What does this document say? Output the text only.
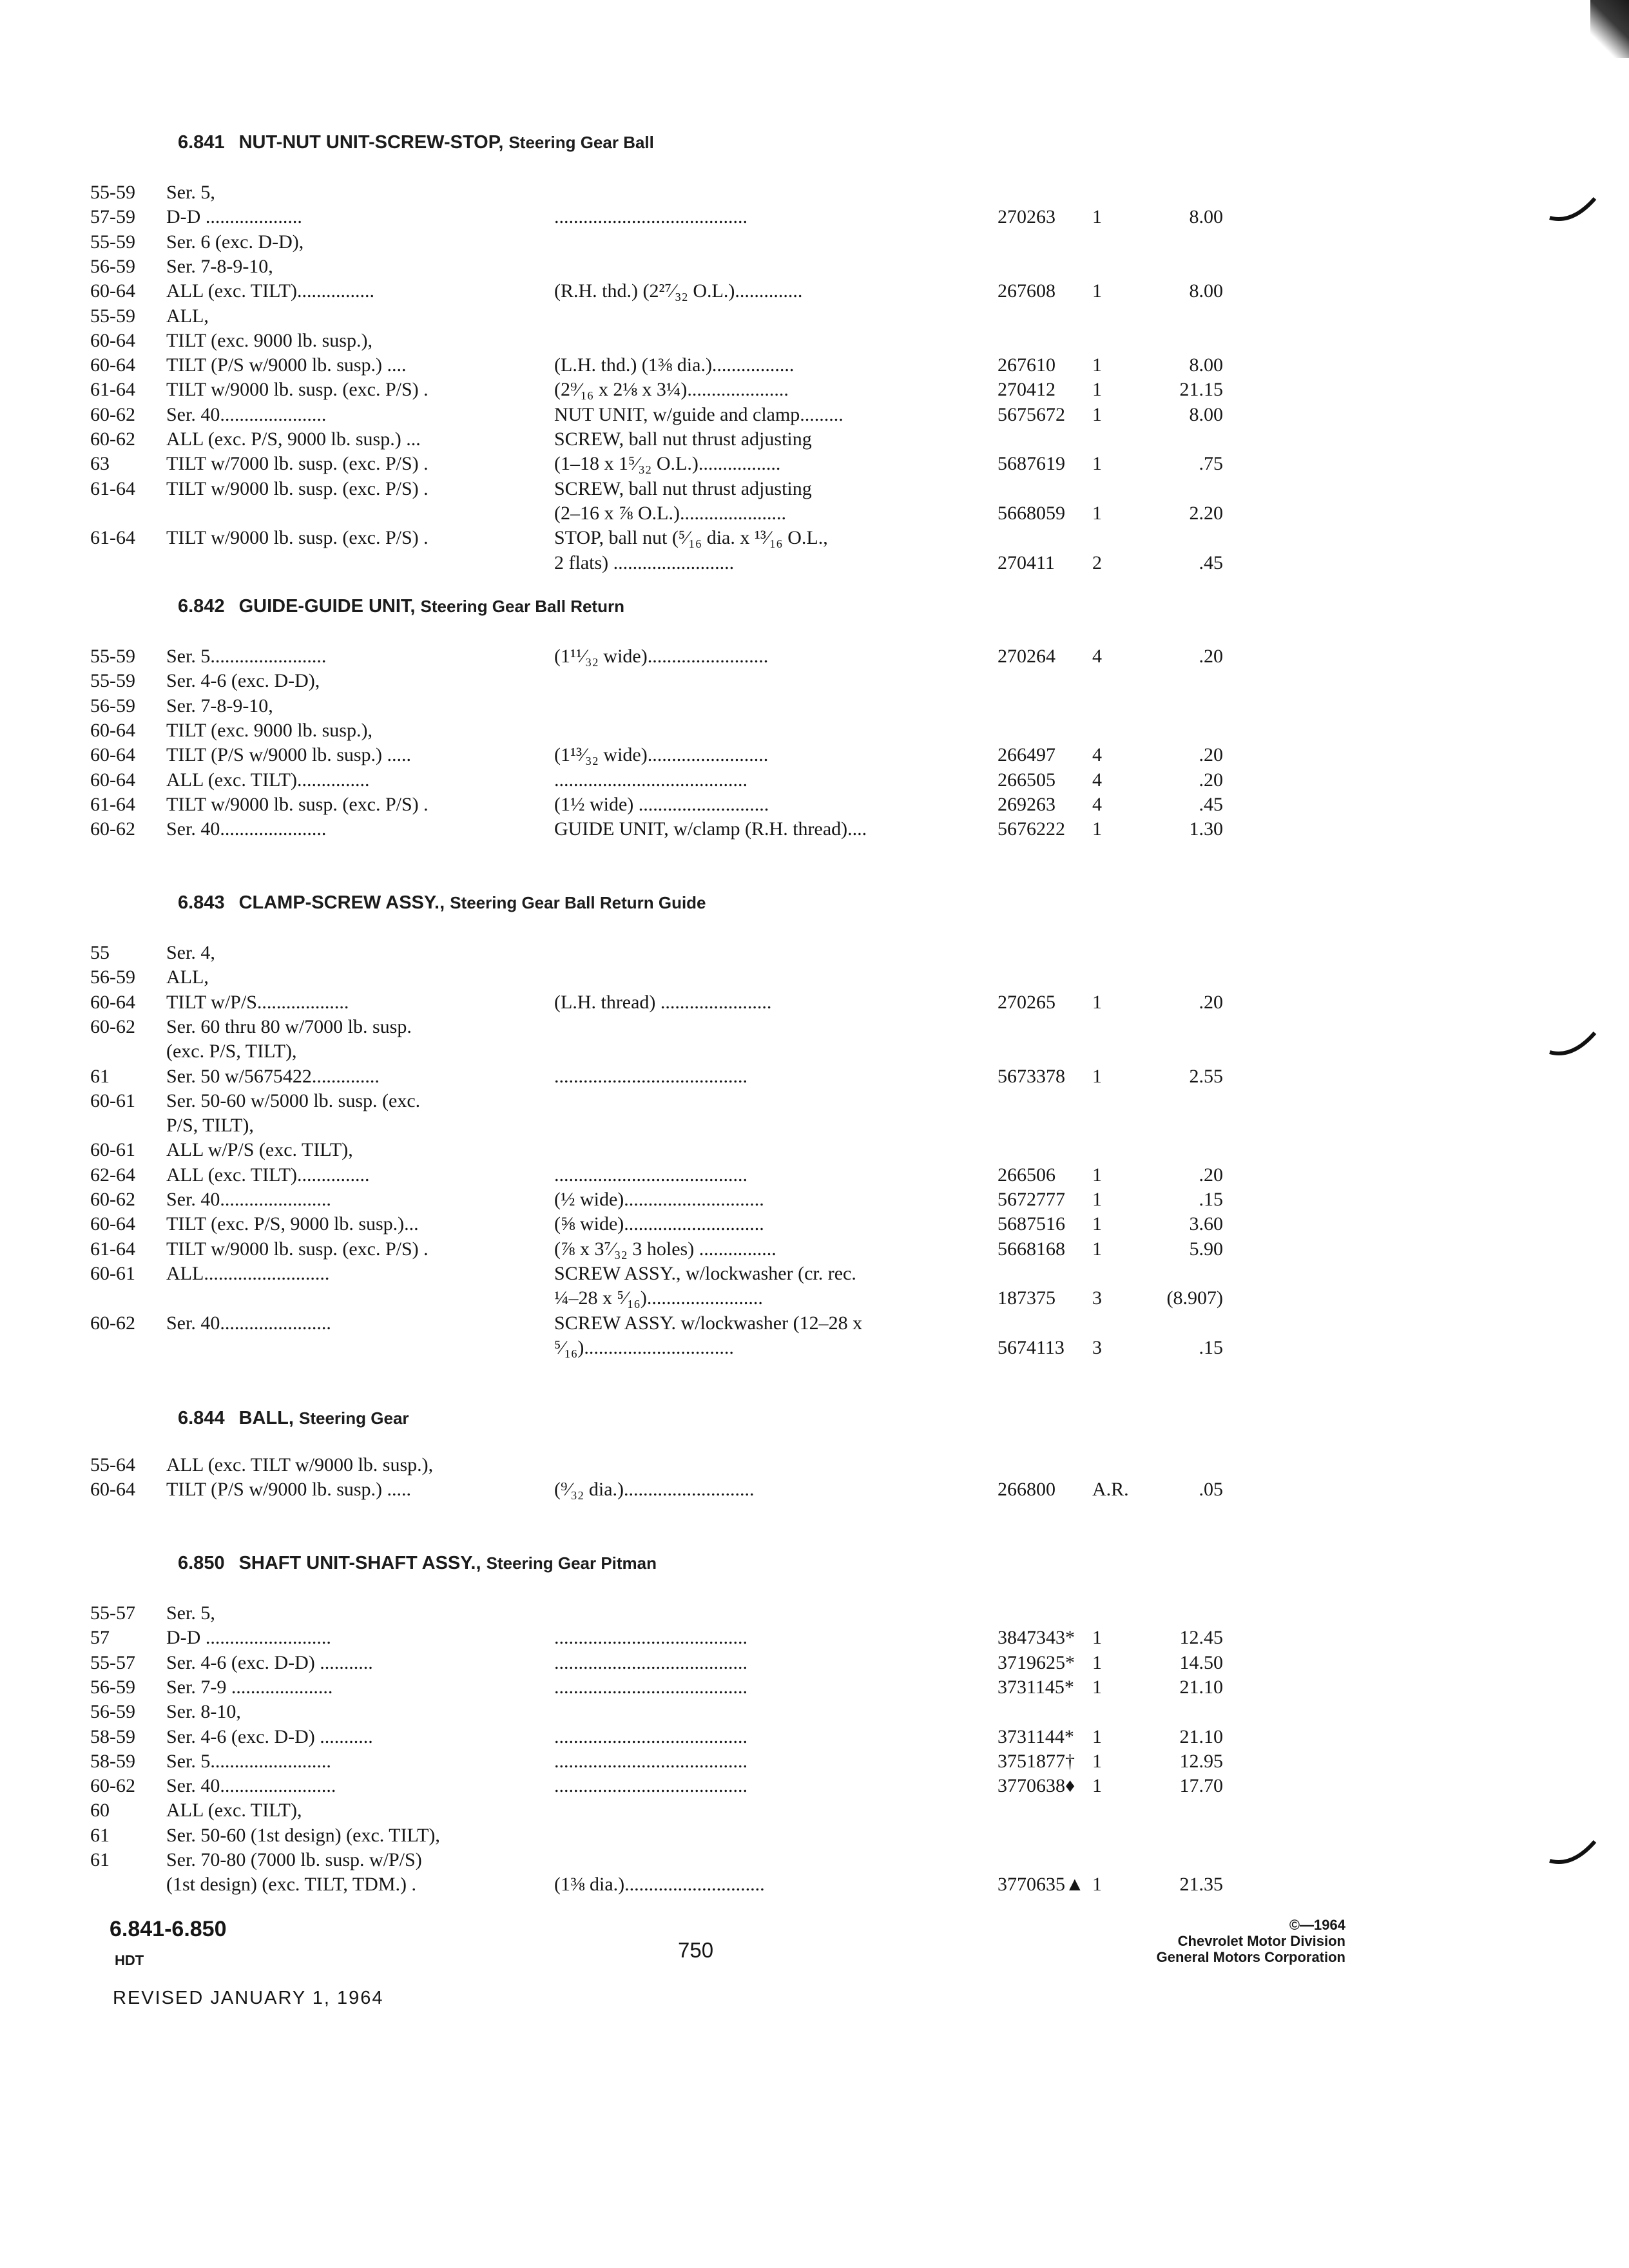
6.841 NUT-NUT UNIT-SCREW-STOP, Steering Gear Ball
55-59	Ser. 5,
57-59	D-D ....................	........................................	270263	1	8.00
55-59	Ser. 6 (exc. D-D),
56-59	Ser. 7-8-9-10,
60-64	ALL (exc. TILT)................	(R.H. thd.) (2²⁷⁄₃₂ O.L.)..............	267608	1	8.00
55-59	ALL,
60-64	TILT (exc. 9000 lb. susp.),
60-64	TILT (P/S w/9000 lb. susp.) ....	(L.H. thd.) (1⅜ dia.).................	267610	1	8.00
61-64	TILT w/9000 lb. susp. (exc. P/S) .	(2⁹⁄₁₆ x 2⅛ x 3¼).....................	270412	1	21.15
60-62	Ser. 40......................	NUT UNIT, w/guide and clamp.........	5675672	1	8.00
60-62	ALL (exc. P/S, 9000 lb. susp.) ...	SCREW, ball nut thrust adjusting
63	TILT w/7000 lb. susp. (exc. P/S) .	(1–18 x 1⁵⁄₃₂ O.L.).................	5687619	1	.75
61-64	TILT w/9000 lb. susp. (exc. P/S) .	SCREW, ball nut thrust adjusting
(2–16 x ⅞ O.L.)......................	5668059	1	2.20
61-64	TILT w/9000 lb. susp. (exc. P/S) .	STOP, ball nut (⁵⁄₁₆ dia. x ¹³⁄₁₆ O.L.,
2 flats) .........................	270411	2	.45
6.842 GUIDE-GUIDE UNIT, Steering Gear Ball Return
55-59	Ser. 5........................	(1¹¹⁄₃₂ wide).........................	270264	4	.20
55-59	Ser. 4-6 (exc. D-D),
56-59	Ser. 7-8-9-10,
60-64	TILT (exc. 9000 lb. susp.),
60-64	TILT (P/S w/9000 lb. susp.) .....	(1¹³⁄₃₂ wide).........................	266497	4	.20
60-64	ALL (exc. TILT)...............	........................................	266505	4	.20
61-64	TILT w/9000 lb. susp. (exc. P/S) .	(1½ wide) ...........................	269263	4	.45
60-62	Ser. 40......................	GUIDE UNIT, w/clamp (R.H. thread)....	5676222	1	1.30
6.843 CLAMP-SCREW ASSY., Steering Gear Ball Return Guide
55	Ser. 4,
56-59	ALL,
60-64	TILT w/P/S...................	(L.H. thread) .......................	270265	1	.20
60-62	Ser. 60 thru 80 w/7000 lb. susp.
(exc. P/S, TILT),
61	Ser. 50 w/5675422..............	........................................	5673378	1	2.55
60-61	Ser. 50-60 w/5000 lb. susp. (exc.
P/S, TILT),
60-61	ALL w/P/S (exc. TILT),
62-64	ALL (exc. TILT)...............	........................................	266506	1	.20
60-62	Ser. 40.......................	(½ wide).............................	5672777	1	.15
60-64	TILT (exc. P/S, 9000 lb. susp.)...	(⅝ wide).............................	5687516	1	3.60
61-64	TILT w/9000 lb. susp. (exc. P/S) .	(⅞ x 3⁷⁄₃₂ 3 holes) ................	5668168	1	5.90
60-61	ALL..........................	SCREW ASSY., w/lockwasher (cr. rec.
¼–28 x ⁵⁄₁₆)........................	187375	3	(8.907)
60-62	Ser. 40.......................	SCREW ASSY. w/lockwasher (12–28 x
⁵⁄₁₆)...............................	5674113	3	.15
6.844 BALL, Steering Gear
55-64	ALL (exc. TILT w/9000 lb. susp.),
60-64	TILT (P/S w/9000 lb. susp.) .....	(⁹⁄₃₂ dia.)...........................	266800	A.R.	.05
6.850 SHAFT UNIT-SHAFT ASSY., Steering Gear Pitman
55-57	Ser. 5,
57	D-D ..........................	........................................	3847343* 1	12.45
55-57	Ser. 4-6 (exc. D-D) ...........	........................................	3719625* 1	14.50
56-59	Ser. 7-9 .....................	........................................	3731145* 1	21.10
56-59	Ser. 8-10,
58-59	Ser. 4-6 (exc. D-D) ...........	........................................	3731144* 1	21.10
58-59	Ser. 5.........................	........................................	3751877† 1	12.95
60-62	Ser. 40........................	........................................	3770638♦ 1	17.70
60	ALL (exc. TILT),
61	Ser. 50-60 (1st design) (exc. TILT),
61	Ser. 70-80 (7000 lb. susp. w/P/S)
(1st design) (exc. TILT, TDM.) .	(1⅜ dia.).............................	3770635▲ 1	21.35
6.841-6.850
HDT	750
REVISED JANUARY 1, 1964
©—1964
Chevrolet Motor Division
General Motors Corporation
